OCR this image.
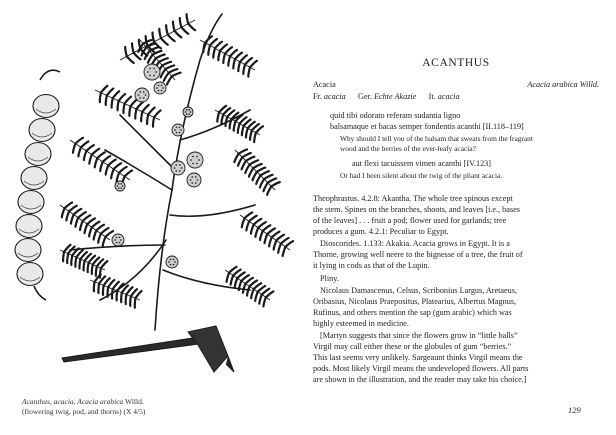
Acanthus, acacia, Acacia arabica Willd.
(flowering twig, pod, and thorns) (X 4/5)
ACANTHUS
Acacia	Acacia arabica Willd.
Fr. acacia Ger. Echte Akazie It. acacia
quid tibi odorato referam sudantia ligno
balsamaque et bacas semper fondentis acanthi [II.118–119]
Why should I tell you of the balsam that sweats from the fragrant
wood and the berries of the ever-leafy acacia?
aut flexi tacuissem vimen acanthi [IV.123]
Or had I been silent about the twig of the pliant acacia.
Theophrastus. 4.2.8: Akantha. The whole tree spinous except
the stem. Spines on the branches, shoots, and leaves [i.e., bases
of the leaves] . . . fruit a pod; flower used for garlands; tree
produces a gum. 4.2.1: Peculiar to Egypt.
Dioscorides. 1.133: Akakia. Acacia grows in Egypt. It is a
Thorne, growing well neere to the bignesse of a tree, the fruit of
it lying in cods as that of the Lupin.
Pliny.
Nicolaus Damascenus, Celsus, Scribonius Largus, Aretaeus,
Oribasius, Nicolaus Praepositus, Platearius, Albertus Magnus,
Rufinus, and others mention the sap (gum arabic) which was
highly esteemed in medicine.
[Martyn suggests that since the flowers grow in “little balls”
Virgil may call either these or the globules of gum “berries.”
This last seems very unlikely. Sargeaunt thinks Virgil means the
pods. Most likely Virgil means the undeveloped flowers. All parts
are shown in the illustration, and the reader may take his choice.]
129
